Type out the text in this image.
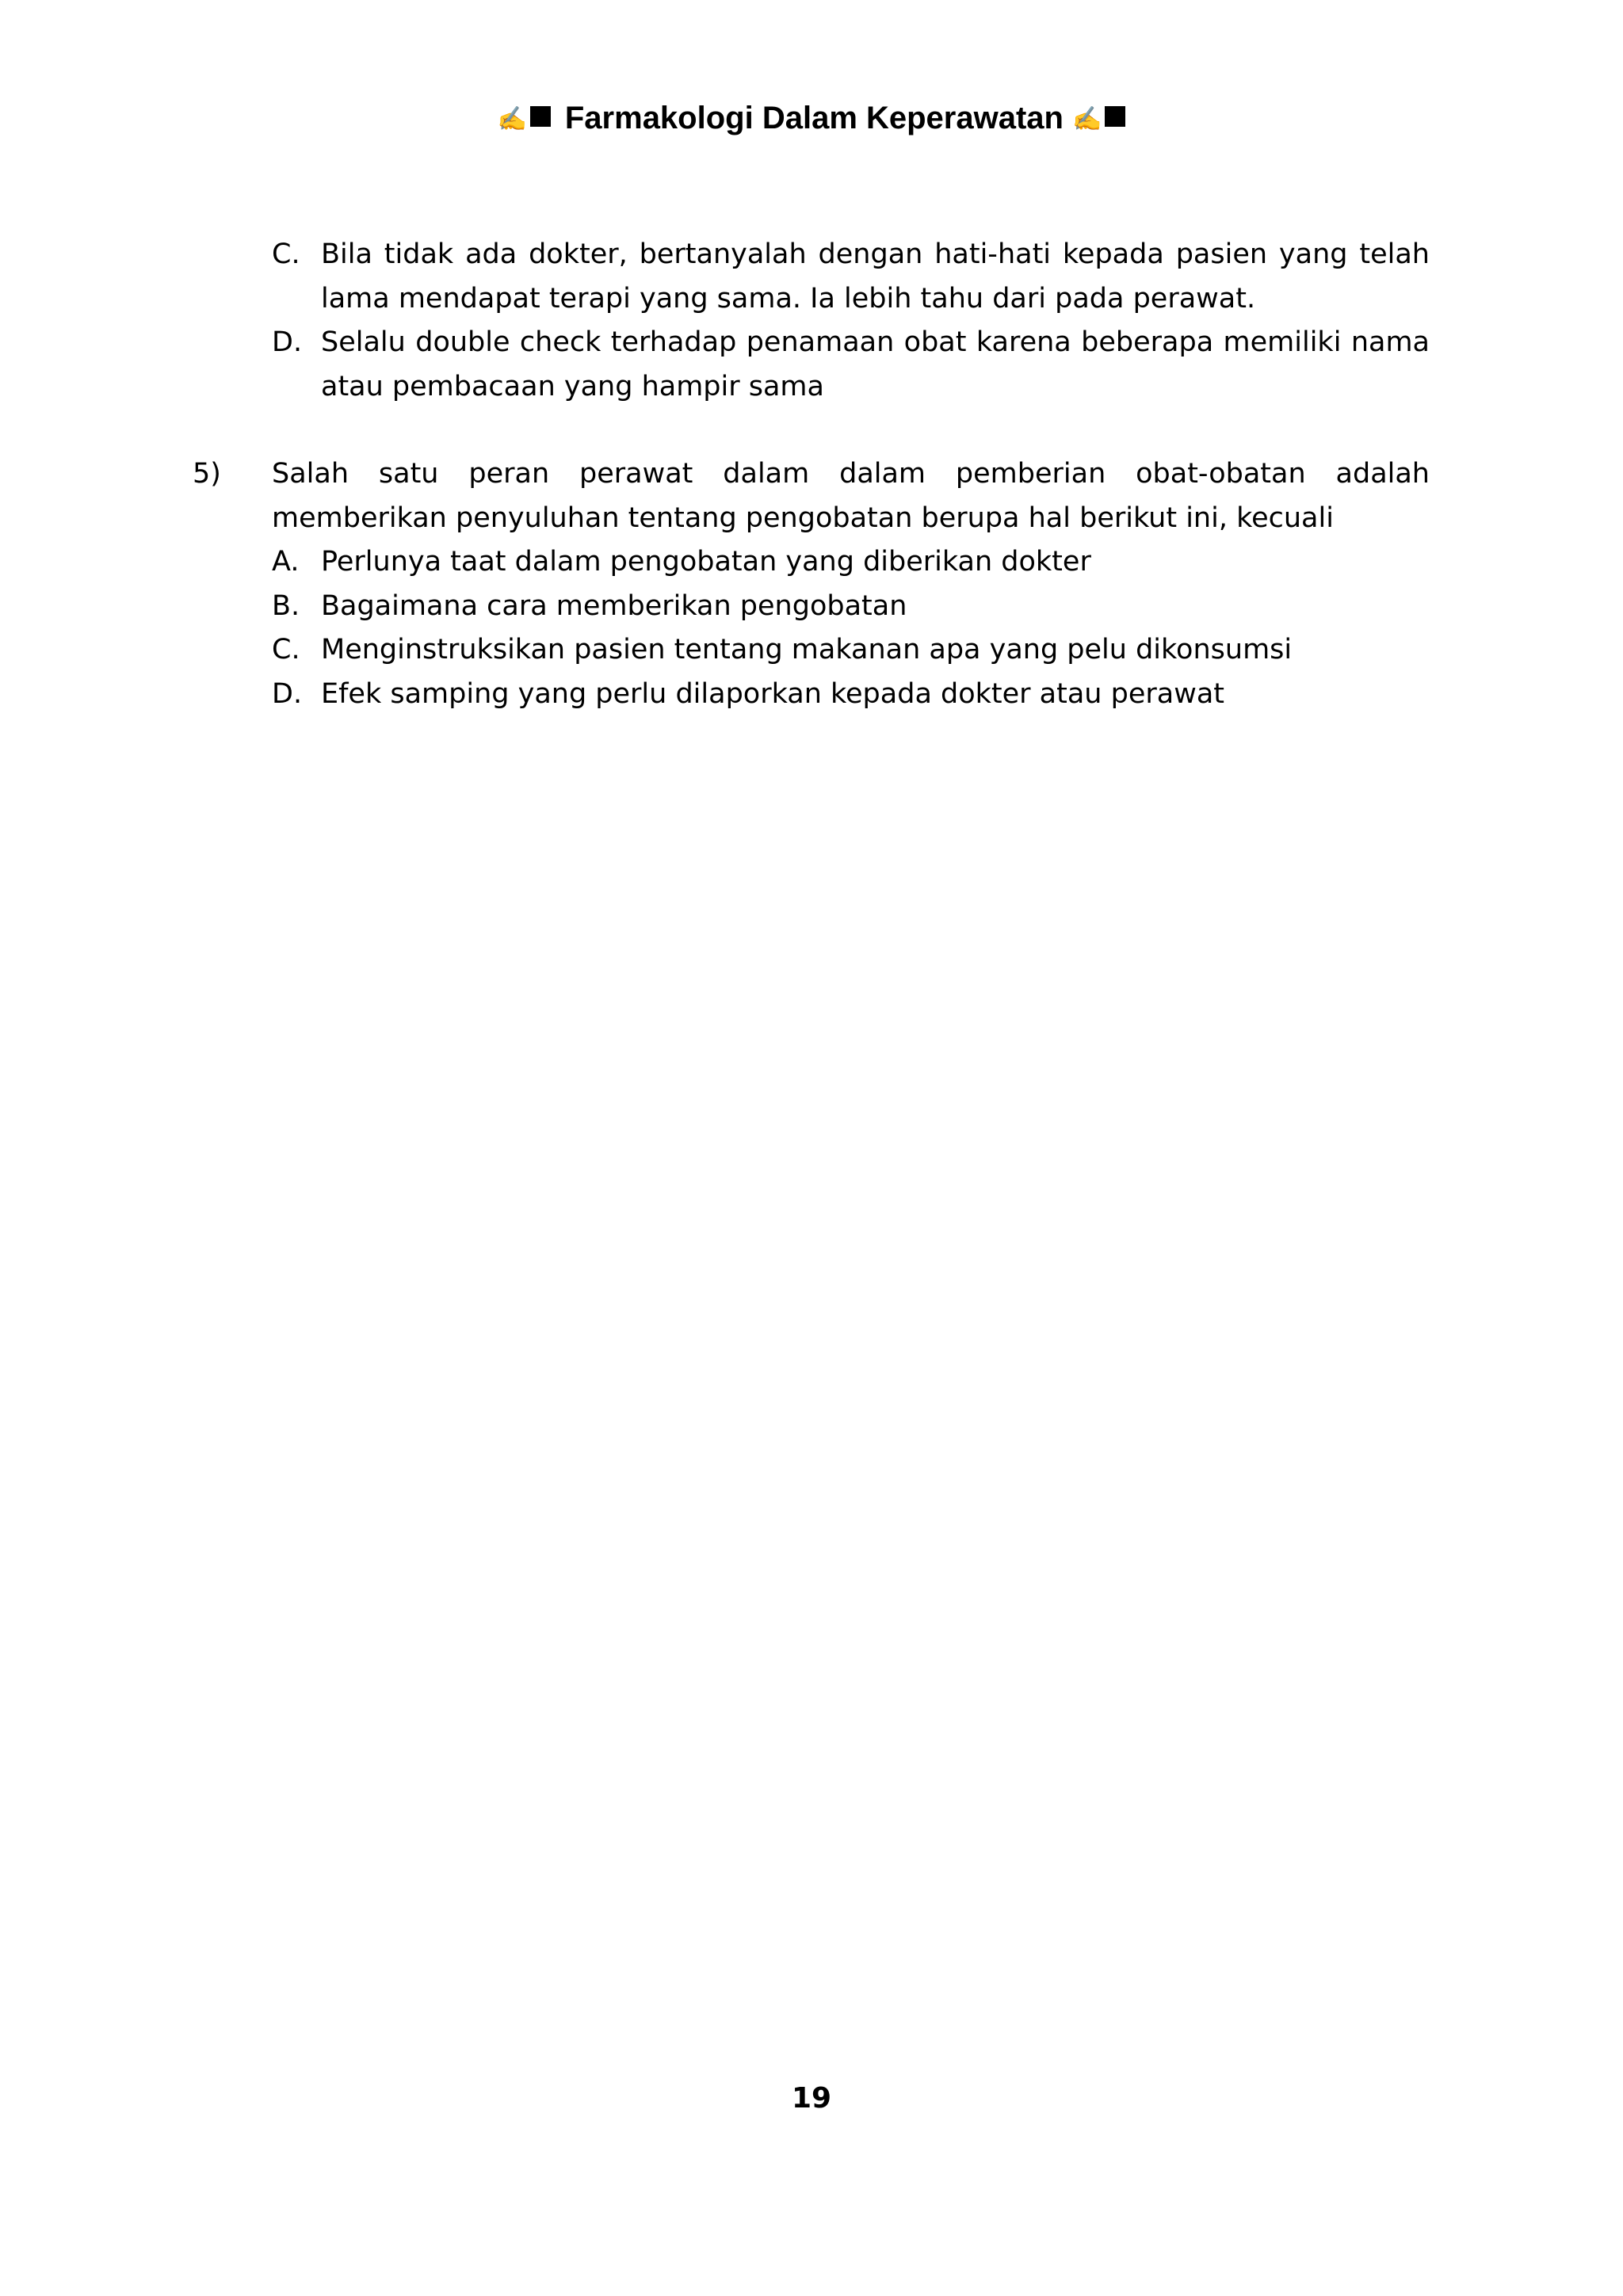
✍ Farmakologi Dalam Keperawatan ✍
C. Bila tidak ada dokter, bertanyalah dengan hati-hati kepada pasien yang telah lama mendapat terapi yang sama. Ia lebih tahu dari pada perawat.
D. Selalu double check terhadap penamaan obat karena beberapa memiliki nama atau pembacaan yang hampir sama
5) Salah satu peran perawat dalam dalam pemberian obat-obatan adalah memberikan penyuluhan tentang pengobatan berupa hal berikut ini, kecuali
A. Perlunya taat dalam pengobatan yang diberikan dokter
B. Bagaimana cara memberikan pengobatan
C. Menginstruksikan pasien tentang makanan apa yang pelu dikonsumsi
D. Efek samping yang perlu dilaporkan kepada dokter atau perawat
19
